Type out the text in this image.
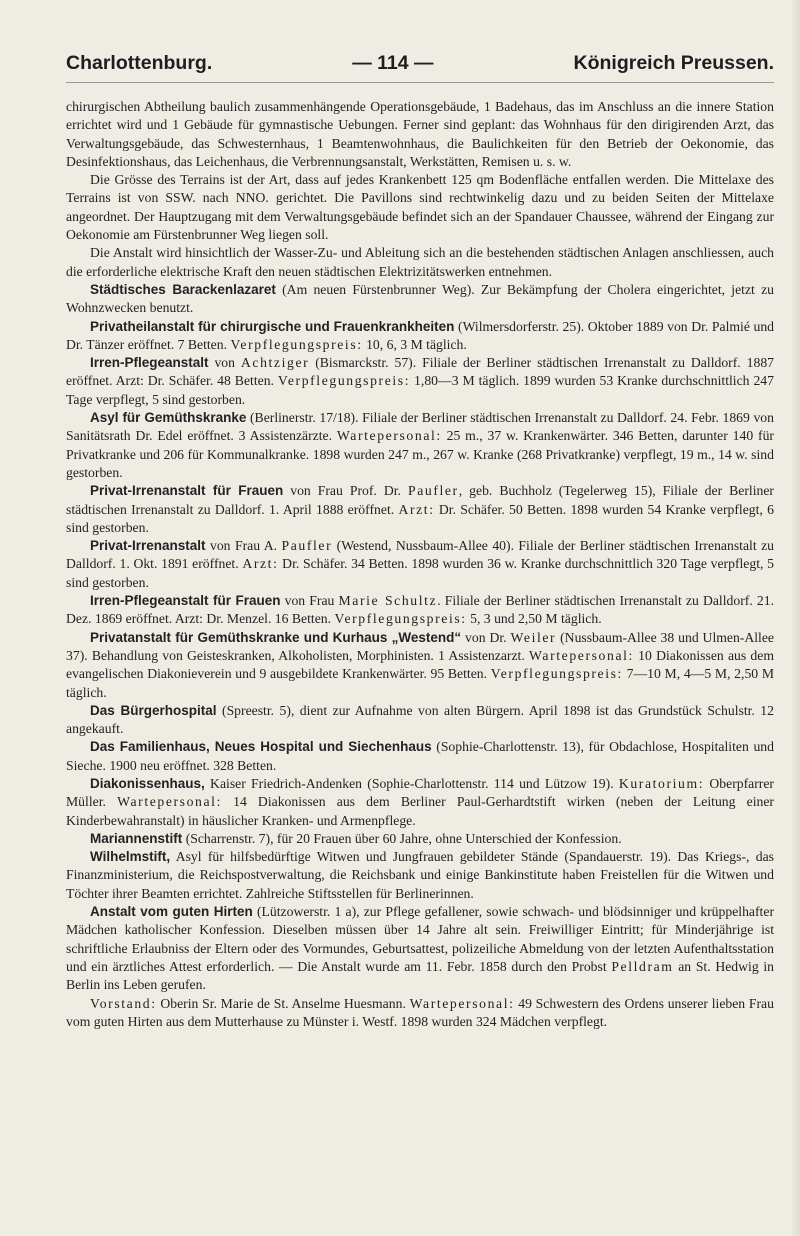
Charlottenburg.	— 114 —	Königreich Preussen.

chirurgischen Abtheilung baulich zusammenhängende Operationsgebäude, 1 Badehaus, das im Anschluss an die innere Station errichtet wird und 1 Gebäude für gymnastische Uebungen. Ferner sind geplant: das Wohnhaus für den dirigirenden Arzt, das Verwaltungsgebäude, das Schwesternhaus, 1 Beamtenwohnhaus, die Baulichkeiten für den Betrieb der Oekonomie, das Desinfektionshaus, das Leichenhaus, die Verbrennungsanstalt, Werkstätten, Remisen u. s. w.

Die Grösse des Terrains ist der Art, dass auf jedes Krankenbett 125 qm Bodenfläche entfallen werden. Die Mittelaxe des Terrains ist von SSW. nach NNO. gerichtet. Die Pavillons sind rechtwinkelig dazu und zu beiden Seiten der Mittelaxe angeordnet. Der Hauptzugang mit dem Verwaltungsgebäude befindet sich an der Spandauer Chaussee, während der Eingang zur Oekonomie am Fürstenbrunner Weg liegen soll.

Die Anstalt wird hinsichtlich der Wasser-Zu- und Ableitung sich an die bestehenden städtischen Anlagen anschliessen, auch die erforderliche elektrische Kraft den neuen städtischen Elektrizitätswerken entnehmen.

Städtisches Barackenlazaret (Am neuen Fürstenbrunner Weg). Zur Bekämpfung der Cholera eingerichtet, jetzt zu Wohnzwecken benutzt.

Privatheilanstalt für chirurgische und Frauenkrankheiten (Wilmersdorferstr. 25). Oktober 1889 von Dr. Palmié und Dr. Tänzer eröffnet. 7 Betten. Verpflegungspreis: 10, 6, 3 M täglich.

Irren-Pflegeanstalt von Achtziger (Bismarckstr. 57). Filiale der Berliner städtischen Irrenanstalt zu Dalldorf. 1887 eröffnet. Arzt: Dr. Schäfer. 48 Betten. Verpflegungspreis: 1,80—3 M täglich. 1899 wurden 53 Kranke durchschnittlich 247 Tage verpflegt, 5 sind gestorben.

Asyl für Gemüthskranke (Berlinerstr. 17/18). Filiale der Berliner städtischen Irrenanstalt zu Dalldorf. 24. Febr. 1869 von Sanitätsrath Dr. Edel eröffnet. 3 Assistenzärzte. Wartepersonal: 25 m., 37 w. Krankenwärter. 346 Betten, darunter 140 für Privatkranke und 206 für Kommunalkranke. 1898 wurden 247 m., 267 w. Kranke (268 Privatkranke) verpflegt, 19 m., 14 w. sind gestorben.

Privat-Irrenanstalt für Frauen von Frau Prof. Dr. Paufler, geb. Buchholz (Tegelerweg 15), Filiale der Berliner städtischen Irrenanstalt zu Dalldorf. 1. April 1888 eröffnet. Arzt: Dr. Schäfer. 50 Betten. 1898 wurden 54 Kranke verpflegt, 6 sind gestorben.

Privat-Irrenanstalt von Frau A. Paufler (Westend, Nussbaum-Allee 40). Filiale der Berliner städtischen Irrenanstalt zu Dalldorf. 1. Okt. 1891 eröffnet. Arzt: Dr. Schäfer. 34 Betten. 1898 wurden 36 w. Kranke durchschnittlich 320 Tage verpflegt, 5 sind gestorben.

Irren-Pflegeanstalt für Frauen von Frau Marie Schultz. Filiale der Berliner städtischen Irrenanstalt zu Dalldorf. 21. Dez. 1869 eröffnet. Arzt: Dr. Menzel. 16 Betten. Verpflegungspreis: 5, 3 und 2,50 M täglich.

Privatanstalt für Gemüthskranke und Kurhaus „Westend“ von Dr. Weiler (Nussbaum-Allee 38 und Ulmen-Allee 37). Behandlung von Geisteskranken, Alkoholisten, Morphinisten. 1 Assistenzarzt. Wartepersonal: 10 Diakonissen aus dem evangelischen Diakonieverein und 9 ausgebildete Krankenwärter. 95 Betten. Verpflegungspreis: 7—10 M, 4—5 M, 2,50 M täglich.

Das Bürgerhospital (Spreestr. 5), dient zur Aufnahme von alten Bürgern. April 1898 ist das Grundstück Schulstr. 12 angekauft.

Das Familienhaus, Neues Hospital und Siechenhaus (Sophie-Charlottenstr. 13), für Obdachlose, Hospitaliten und Sieche. 1900 neu eröffnet. 328 Betten.

Diakonissenhaus, Kaiser Friedrich-Andenken (Sophie-Charlottenstr. 114 und Lützow 19). Kuratorium: Oberpfarrer Müller. Wartepersonal: 14 Diakonissen aus dem Berliner Paul-Gerhardtstift wirken (neben der Leitung einer Kinderbewahranstalt) in häuslicher Kranken- und Armenpflege.

Mariannenstift (Scharrenstr. 7), für 20 Frauen über 60 Jahre, ohne Unterschied der Konfession.

Wilhelmstift, Asyl für hilfsbedürftige Witwen und Jungfrauen gebildeter Stände (Spandauerstr. 19). Das Kriegs-, das Finanzministerium, die Reichspostverwaltung, die Reichsbank und einige Bankinstitute haben Freistellen für die Witwen und Töchter ihrer Beamten errichtet. Zahlreiche Stiftsstellen für Berlinerinnen.

Anstalt vom guten Hirten (Lützowerstr. 1 a), zur Pflege gefallener, sowie schwach- und blödsinniger und krüppelhafter Mädchen katholischer Konfession. Dieselben müssen über 14 Jahre alt sein. Freiwilliger Eintritt; für Minderjährige ist schriftliche Erlaubniss der Eltern oder des Vormundes, Geburtsattest, polizeiliche Abmeldung von der letzten Aufenthaltsstation und ein ärztliches Attest erforderlich. — Die Anstalt wurde am 11. Febr. 1858 durch den Probst Pelldram an St. Hedwig in Berlin ins Leben gerufen.

Vorstand: Oberin Sr. Marie de St. Anselme Huesmann. Wartepersonal: 49 Schwestern des Ordens unserer lieben Frau vom guten Hirten aus dem Mutterhause zu Münster i. Westf. 1898 wurden 324 Mädchen verpflegt.
